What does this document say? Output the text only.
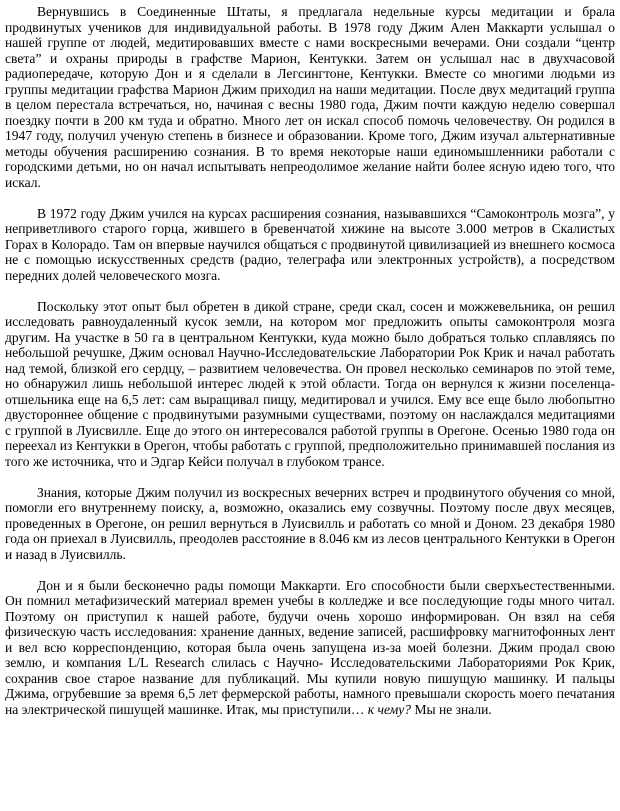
Вернувшись в Соединенные Штаты, я предлагала недельные курсы медитации и брала продвинутых учеников для индивидуальной работы. В 1978 году Джим Ален Маккарти услышал о нашей группе от людей, медитировавших вместе с нами воскресными вечерами. Они создали “центр света” и охраны природы в графстве Марион, Кентукки. Затем он услышал нас в двухчасовой радиопередаче, которую Дон и я сделали в Легсингтоне, Кентукки. Вместе со многими людьми из группы медитации графства Марион Джим приходил на наши медитации. После двух медитаций группа в целом перестала встречаться, но, начиная с весны 1980 года, Джим почти каждую неделю совершал поездку почти в 200 км туда и обратно. Много лет он искал способ помочь человечеству. Он родился в 1947 году, получил ученую степень в бизнесе и образовании. Кроме того, Джим изучал альтернативные методы обучения расширению сознания. В то время некоторые наши единомышленники работали с городскими детьми, но он начал испытывать непреодолимое желание найти более ясную идею того, что искал.

В 1972 году Джим учился на курсах расширения сознания, называвшихся “Самоконтроль мозга”, у неприветливого старого горца, жившего в бревенчатой хижине на высоте 3.000 метров в Скалистых Горах в Колорадо. Там он впервые научился общаться с продвинутой цивилизацией из внешнего космоса не с помощью искусственных средств (радио, телеграфа или электронных устройств), а посредством передних долей человеческого мозга.

Поскольку этот опыт был обретен в дикой стране, среди скал, сосен и можжевельника, он решил исследовать равноудаленный кусок земли, на котором мог предложить опыты самоконтроля мозга другим. На участке в 50 га в центральном Кентукки, куда можно было добраться только сплавляясь по небольшой речушке, Джим основал Научно-Исследовательские Лаборатории Рок Крик и начал работать над темой, близкой его сердцу, – развитием человечества. Он провел несколько семинаров по этой теме, но обнаружил лишь небольшой интерес людей к этой области. Тогда он вернулся к жизни поселенца-отшельника еще на 6,5 лет: сам выращивал пищу, медитировал и учился. Ему все еще было любопытно двустороннее общение с продвинутыми разумными существами, поэтому он наслаждался медитациями с группой в Луисвилле. Еще до этого он интересовался работой группы в Орегоне. Осенью 1980 года он переехал из Кентукки в Орегон, чтобы работать с группой, предположительно принимавшей послания из того же источника, что и Эдгар Кейси получал в глубоком трансе.

Знания, которые Джим получил из воскресных вечерних встреч и продвинутого обучения со мной, помогли его внутреннему поиску, а, возможно, оказались ему созвучны. Поэтому после двух месяцев, проведенных в Орегоне, он решил вернуться в Луисвилль и работать со мной и Доном. 23 декабря 1980 года он приехал в Луисвилль, преодолев расстояние в 8.046 км из лесов центрального Кентукки в Орегон и назад в Луисвилль.

Дон и я были бесконечно рады помощи Маккарти. Его способности были сверхъестественными. Он помнил метафизический материал времен учебы в колледже и все последующие годы много читал. Поэтому он приступил к нашей работе, будучи очень хорошо информирован. Он взял на себя физическую часть исследования: хранение данных, ведение записей, расшифровку магнитофонных лент и вел всю корреспонденцию, которая была очень запущена из-за моей болезни. Джим продал свою землю, и компания L/L Research слилась с Научно- Исследовательскими Лабораториями Рок Крик, сохранив свое старое название для публикаций. Мы купили новую пишущую машинку. И пальцы Джима, огрубевшие за время 6,5 лет фермерской работы, намного превышали скорость моего печатания на электрической пишущей машинке. Итак, мы приступили… к чему? Мы не знали.
